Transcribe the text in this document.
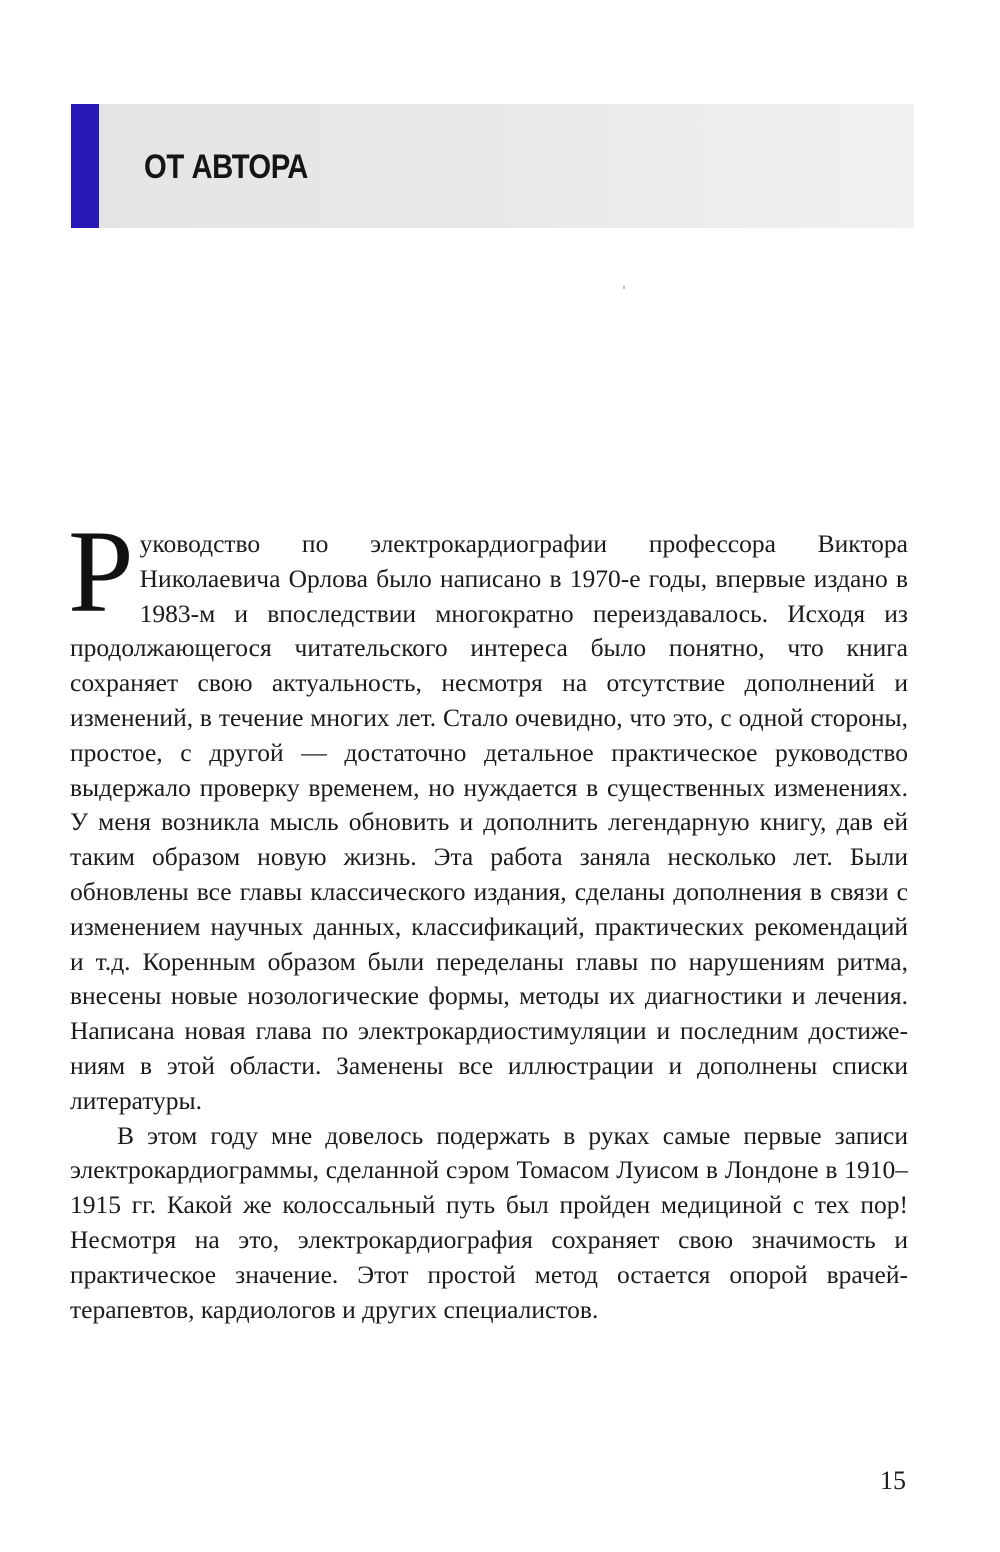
ОТ АВТОРА

Руководство по электрокардиографии профессора Виктора Николаевича Орлова было написано в 1970-е годы, впервые издано в 1983-м и впоследствии многократно переиздавалось. Исходя из продолжающегося читательского интереса было понятно, что книга сохраняет свою актуальность, несмотря на отсутствие дополнений и изменений, в течение многих лет. Стало очевидно, что это, с одной стороны, простое, с другой — достаточно детальное практическое руководство выдержало проверку временем, но нуждается в существенных изменениях. У меня возникла мысль обновить и дополнить легендарную книгу, дав ей таким образом новую жизнь. Эта работа заняла несколько лет. Были обновлены все главы классического издания, сделаны дополнения в связи с изменением научных данных, классификаций, практических рекомендаций и т.д. Коренным образом были переделаны главы по нарушениям ритма, внесены новые нозологические формы, методы их диагностики и лечения. Написана новая глава по электрокардиостимуляции и последним достижениям в этой области. Заменены все иллюстрации и дополнены списки литературы.

В этом году мне довелось подержать в руках самые первые записи электрокардиограммы, сделанной сэром Томасом Луисом в Лондоне в 1910–1915 гг. Какой же колоссальный путь был пройден медициной с тех пор! Несмотря на это, электрокардиография сохраняет свою значимость и практическое значение. Этот простой метод остается опорой врачей-терапевтов, кардиологов и других специалистов.

15
